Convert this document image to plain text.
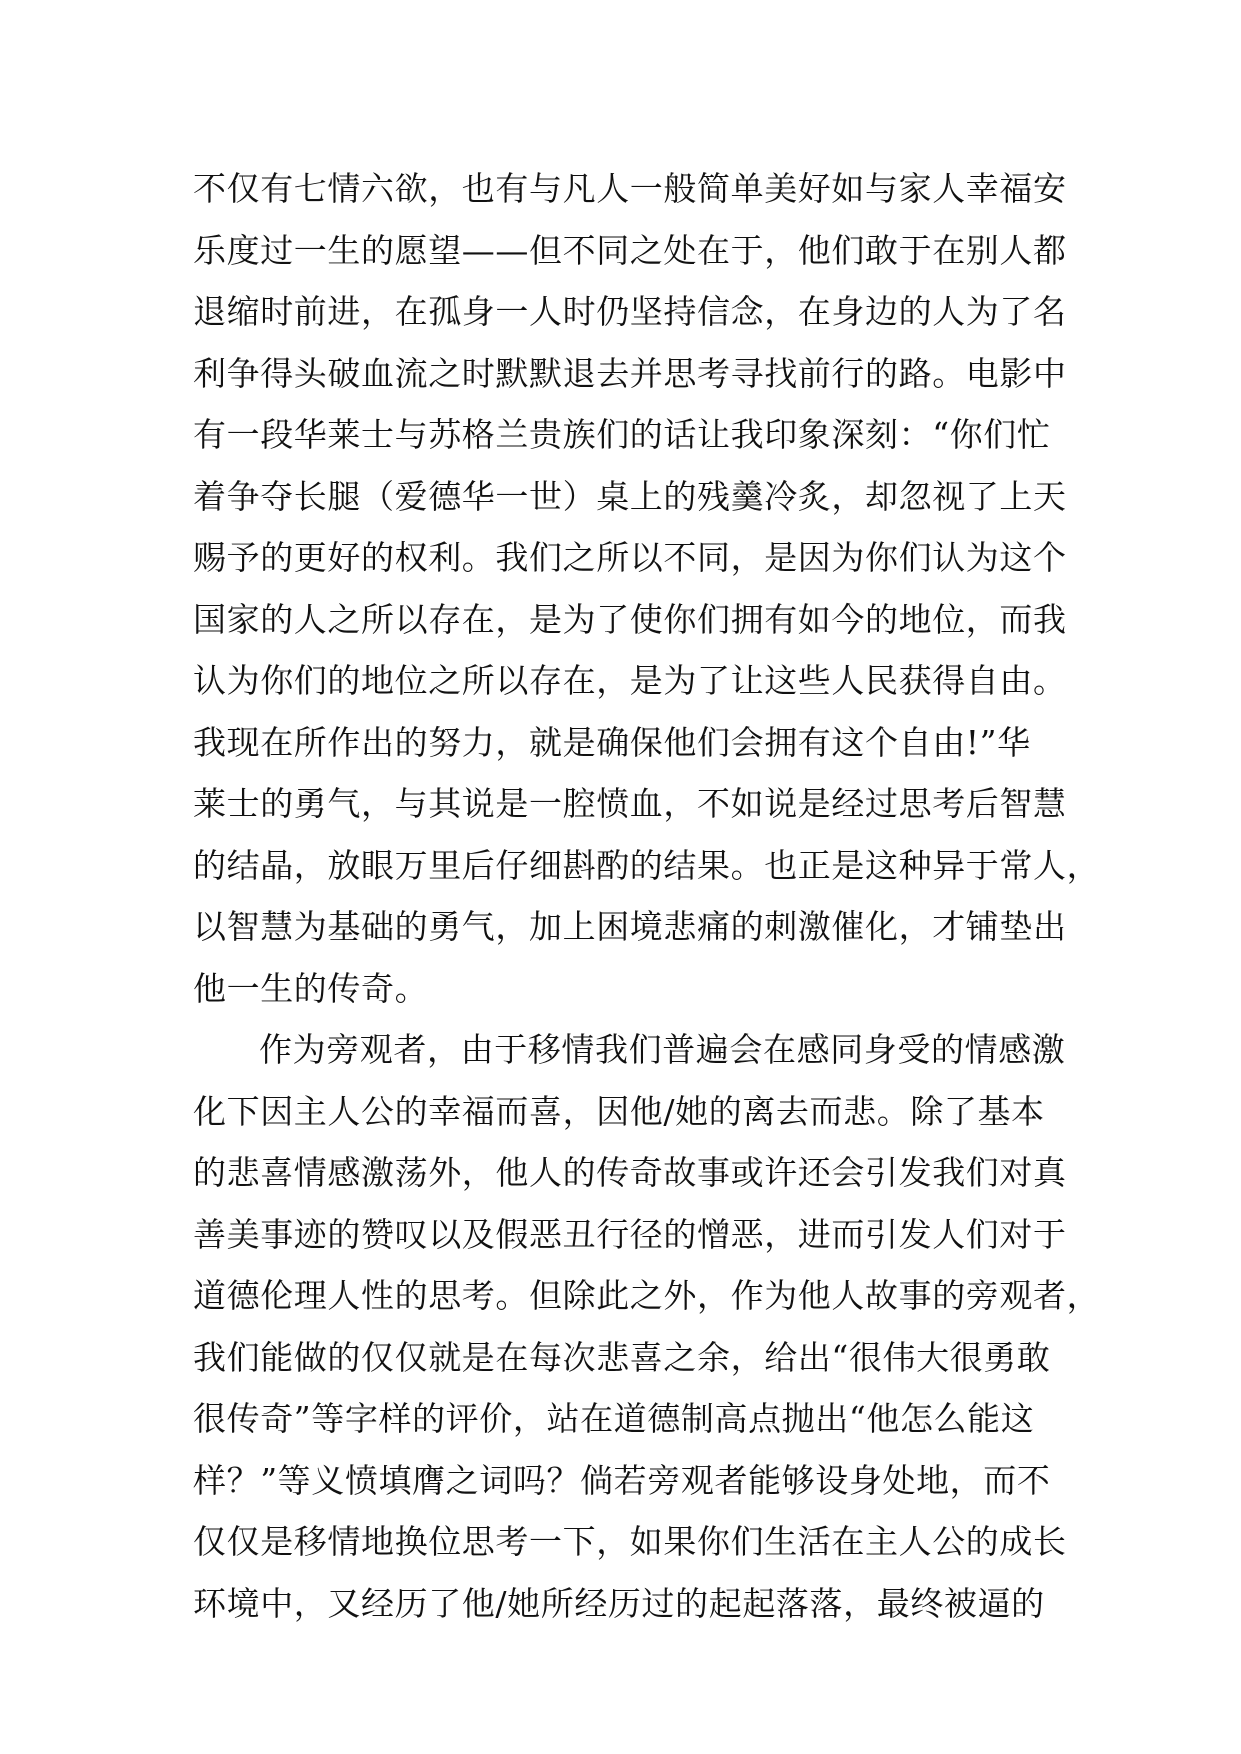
不仅有七情六欲，也有与凡人一般简单美好如与家人幸福安
乐度过一生的愿望——但不同之处在于，他们敢于在别人都
退缩时前进，在孤身一人时仍坚持信念，在身边的人为了名
利争得头破血流之时默默退去并思考寻找前行的路。电影中
有一段华莱士与苏格兰贵族们的话让我印象深刻：“你们忙
着争夺长腿（爱德华一世）桌上的残羹冷炙，却忽视了上天
赐予的更好的权利。我们之所以不同，是因为你们认为这个
国家的人之所以存在，是为了使你们拥有如今的地位，而我
认为你们的地位之所以存在，是为了让这些人民获得自由。
我现在所作出的努力，就是确保他们会拥有这个自由!”华
莱士的勇气，与其说是一腔愤血，不如说是经过思考后智慧
的结晶，放眼万里后仔细斟酌的结果。也正是这种异于常人，
以智慧为基础的勇气，加上困境悲痛的刺激催化，才铺垫出
他一生的传奇。
作为旁观者，由于移情我们普遍会在感同身受的情感激
化下因主人公的幸福而喜，因他/她的离去而悲。除了基本
的悲喜情感激荡外，他人的传奇故事或许还会引发我们对真
善美事迹的赞叹以及假恶丑行径的憎恶，进而引发人们对于
道德伦理人性的思考。但除此之外，作为他人故事的旁观者，
我们能做的仅仅就是在每次悲喜之余，给出“很伟大很勇敢
很传奇”等字样的评价，站在道德制高点抛出“他怎么能这
样？”等义愤填膺之词吗？倘若旁观者能够设身处地，而不
仅仅是移情地换位思考一下，如果你们生活在主人公的成长
环境中，又经历了他/她所经历过的起起落落，最终被逼的
